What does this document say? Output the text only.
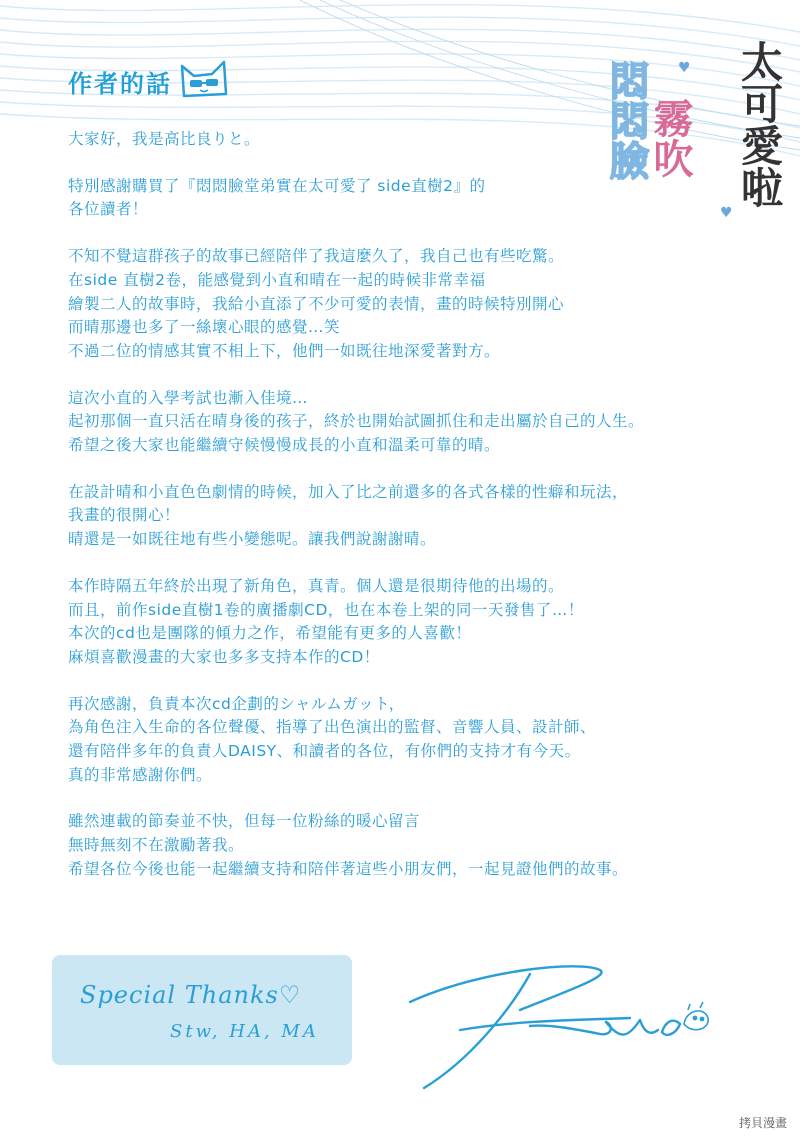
作者的話	太可愛啦
霧吹
悶悶臉 ♥
♥
大家好，我是高比良りと。
特別感謝購買了『悶悶臉堂弟實在太可愛了 side直樹2』的
各位讀者！
不知不覺這群孩子的故事已經陪伴了我這麼久了，我自己也有些吃驚。
在side 直樹2卷，能感覺到小直和晴在一起的時候非常幸福
繪製二人的故事時，我給小直添了不少可愛的表情，畫的時候特別開心
而晴那邊也多了一絲壞心眼的感覺…笑
不過二位的情感其實不相上下，他們一如既往地深愛著對方。
這次小直的入學考試也漸入佳境…
起初那個一直只活在晴身後的孩子，終於也開始試圖抓住和走出屬於自己的人生。
希望之後大家也能繼續守候慢慢成長的小直和溫柔可靠的晴。
在設計晴和小直色色劇情的時候，加入了比之前還多的各式各樣的性癖和玩法，
我畫的很開心！
晴還是一如既往地有些小變態呢。讓我們說謝謝晴。
本作時隔五年終於出現了新角色，真青。個人還是很期待他的出場的。
而且，前作side直樹1卷的廣播劇CD，也在本卷上架的同一天發售了…！
本次的cd也是團隊的傾力之作，希望能有更多的人喜歡！
麻煩喜歡漫畫的大家也多多支持本作的CD！
再次感謝，負責本次cd企劃的シャルムガット，
為角色注入生命的各位聲優、指導了出色演出的監督、音響人員、設計師、
還有陪伴多年的負責人DAISY、和讀者的各位，有你們的支持才有今天。
真的非常感謝你們。
雖然連載的節奏並不快，但每一位粉絲的暖心留言
無時無刻不在激勵著我。
希望各位今後也能一起繼續支持和陪伴著這些小朋友們，一起見證他們的故事。
Special Thanks♡
Stw, HA, MA
拷貝漫畫
